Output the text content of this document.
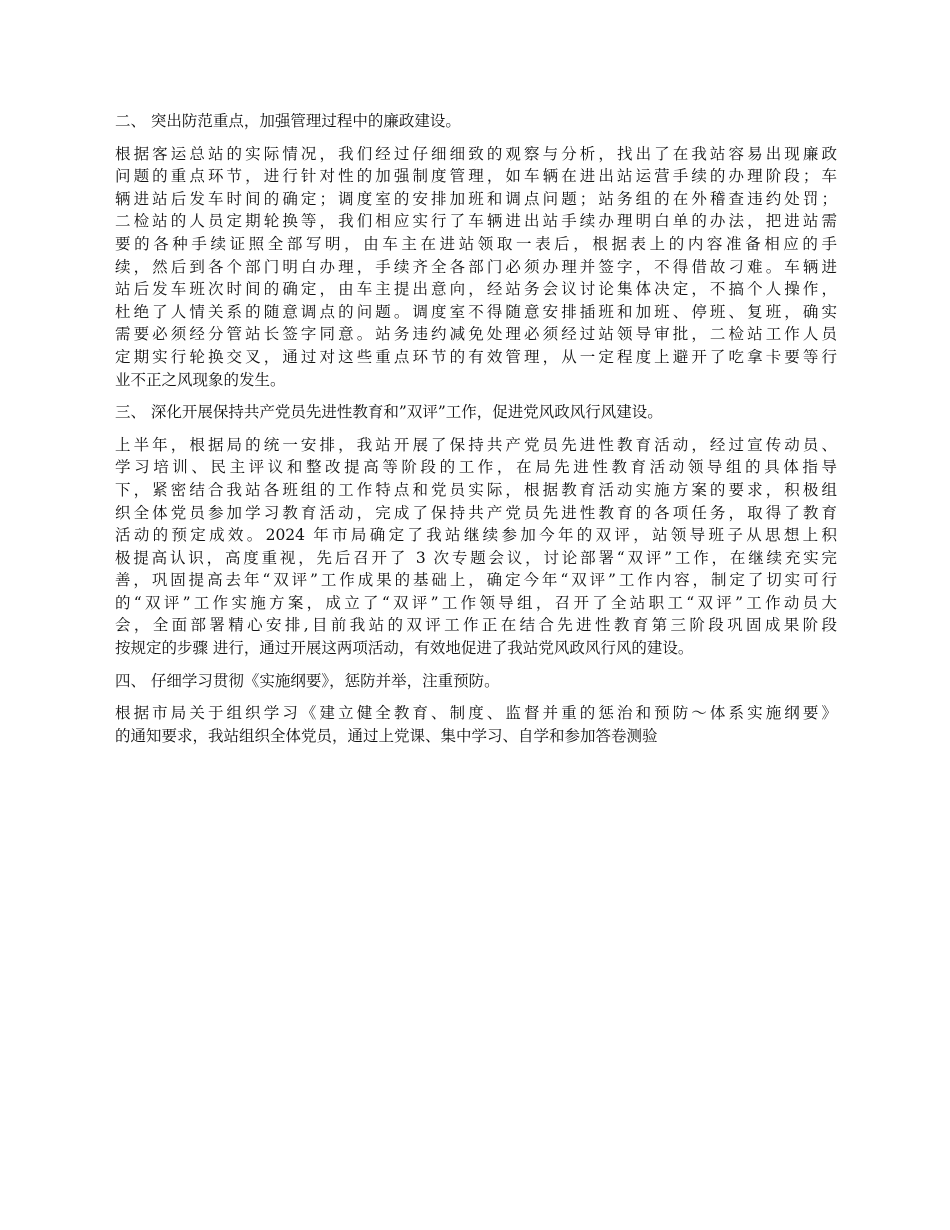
二、 突出防范重点，加强管理过程中的廉政建设。

根据客运总站的实际情况，我们经过仔细细致的观察与分析，找出了在我站容易出现廉政
问题的重点环节，进行针对性的加强制度管理，如车辆在进出站运营手续的办理阶段；车
辆进站后发车时间的确定；调度室的安排加班和调点问题；站务组的在外稽查违约处罚；
二检站的人员定期轮换等，我们相应实行了车辆进出站手续办理明白单的办法，把进站需
要的各种手续证照全部写明，由车主在进站领取一表后，根据表上的内容准备相应的手
续，然后到各个部门明白办理，手续齐全各部门必须办理并签字，不得借故刁难。车辆进
站后发车班次时间的确定，由车主提出意向，经站务会议讨论集体决定，不搞个人操作，
杜绝了人情关系的随意调点的问题。调度室不得随意安排插班和加班、停班、复班，确实
需要必须经分管站长签字同意。站务违约减免处理必须经过站领导审批，二检站工作人员
定期实行轮换交叉，通过对这些重点环节的有效管理，从一定程度上避开了吃拿卡要等行
业不正之风现象的发生。

三、 深化开展保持共产党员先进性教育和”双评”工作，促进党风政风行风建设。

上半年，根据局的统一安排，我站开展了保持共产党员先进性教育活动，经过宣传动员、
学习培训、民主评议和整改提高等阶段的工作，在局先进性教育活动领导组的具体指导
下，紧密结合我站各班组的工作特点和党员实际，根据教育活动实施方案的要求，积极组
织全体党员参加学习教育活动，完成了保持共产党员先进性教育的各项任务，取得了教育
活动的预定成效。2024 年市局确定了我站继续参加今年的双评，站领导班子从思想上积
极提高认识，高度重视，先后召开了 3 次专题会议，讨论部署“双评”工作，在继续充实完
善，巩固提高去年“双评”工作成果的基础上，确定今年“双评”工作内容，制定了切实可行
的“双评”工作实施方案，成立了“双评”工作领导组，召开了全站职工“双评”工作动员大
会，全面部署精心安排,目前我站的双评工作正在结合先进性教育第三阶段巩固成果阶段
按规定的步骤 进行，通过开展这两项活动，有效地促进了我站党风政风行风的建设。

四、 仔细学习贯彻《实施纲要》，惩防并举，注重预防。

根据市局关于组织学习《建立健全教育、制度、监督并重的惩治和预防～体系实施纲要》
的通知要求，我站组织全体党员，通过上党课、集中学习、自学和参加答卷测验
